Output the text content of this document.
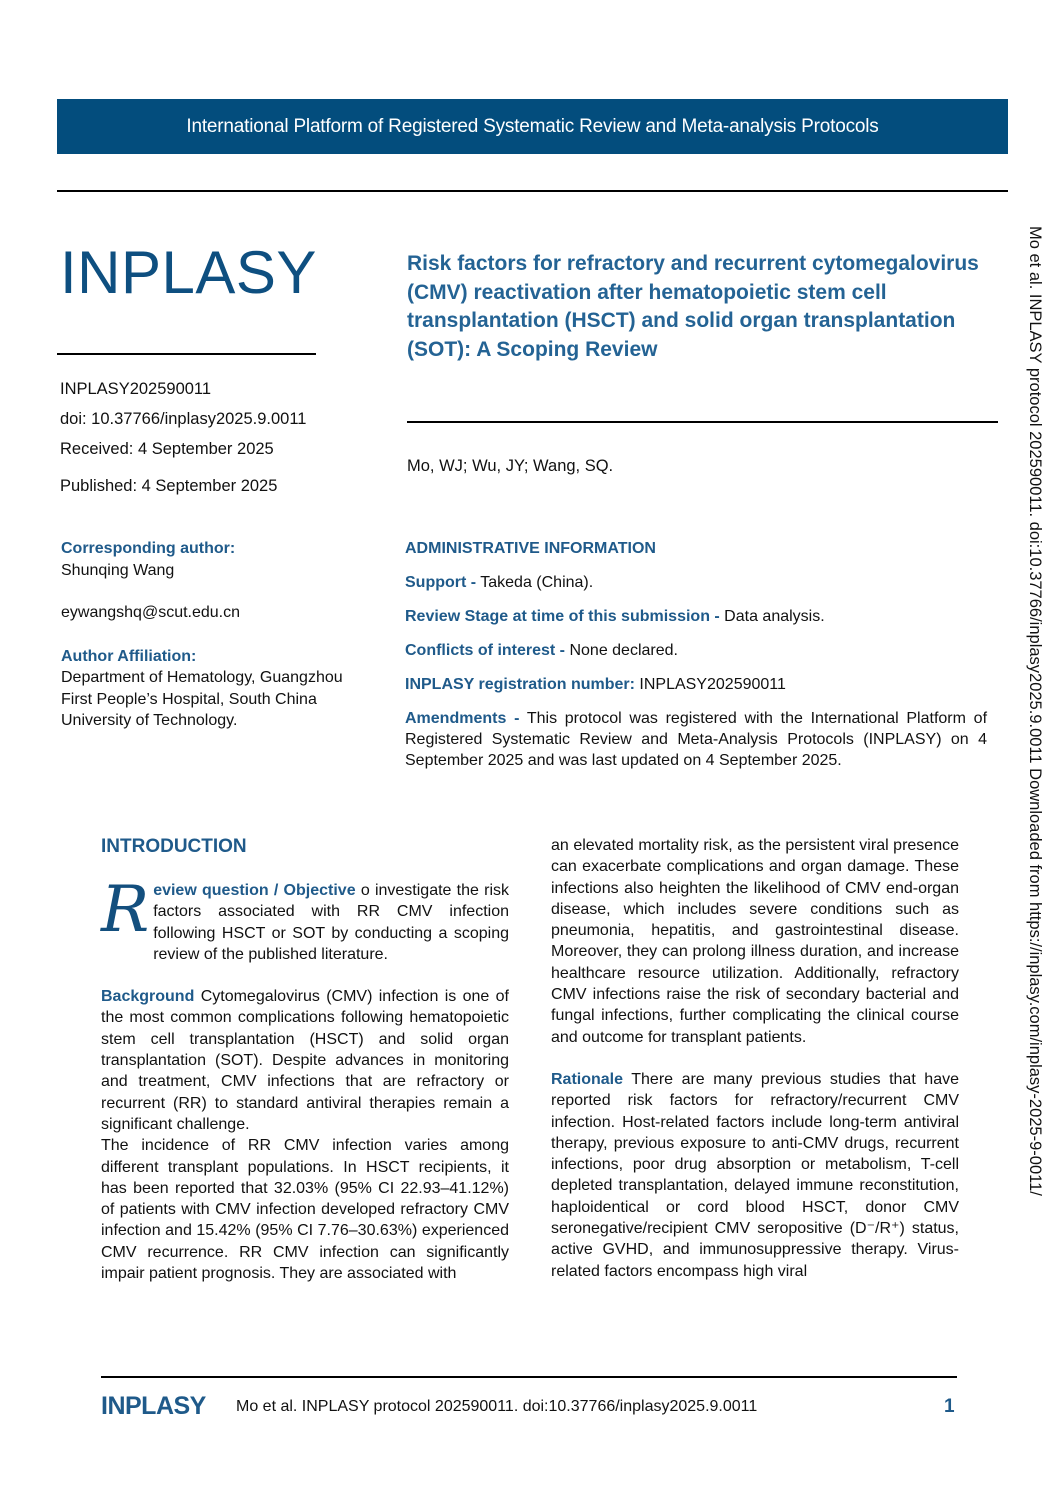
International Platform of Registered Systematic Review and Meta-analysis Protocols
INPLASY
INPLASY202590011
doi: 10.37766/inplasy2025.9.0011
Received: 4 September 2025
Published: 4 September 2025
Risk factors for refractory and recurrent cytomegalovirus (CMV) reactivation after hematopoietic stem cell transplantation (HSCT) and solid organ transplantation (SOT): A Scoping Review
Mo, WJ; Wu, JY; Wang, SQ.
Corresponding author:
Shunqing Wang
eywangshq@scut.edu.cn
Author Affiliation:
Department of Hematology, Guangzhou First People’s Hospital, South China University of Technology.

ADMINISTRATIVE INFORMATION

Support - Takeda (China).

Review Stage at time of this submission - Data analysis.

Conflicts of interest - None declared.

INPLASY registration number: INPLASY202590011

Amendments - This protocol was registered with the International Platform of Registered Systematic Review and Meta-Analysis Protocols (INPLASY) on 4 September 2025 and was last updated on 4 September 2025.

INTRODUCTION

Review question / Objective o investigate the risk factors associated with RR CMV infection following HSCT or SOT by conducting a scoping review of the published literature.

Background Cytomegalovirus (CMV) infection is one of the most common complications following hematopoietic stem cell transplantation (HSCT) and solid organ transplantation (SOT). Despite advances in monitoring and treatment, CMV infections that are refractory or recurrent (RR) to standard antiviral therapies remain a significant challenge.

The incidence of RR CMV infection varies among different transplant populations. In HSCT recipients, it has been reported that 32.03% (95% CI 22.93–41.12%) of patients with CMV infection developed refractory CMV infection and 15.42% (95% CI 7.76–30.63%) experienced CMV recurrence. RR CMV infection can significantly impair patient prognosis. They are associated with

an elevated mortality risk, as the persistent viral presence can exacerbate complications and organ damage. These infections also heighten the likelihood of CMV end-organ disease, which includes severe conditions such as pneumonia, hepatitis, and gastrointestinal disease. Moreover, they can prolong illness duration, and increase healthcare resource utilization. Additionally, refractory CMV infections raise the risk of secondary bacterial and fungal infections, further complicating the clinical course and outcome for transplant patients.

Rationale There are many previous studies that have reported risk factors for refractory/recurrent CMV infection. Host-related factors include long-term antiviral therapy, previous exposure to anti-CMV drugs, recurrent infections, poor drug absorption or metabolism, T-cell depleted transplantation, delayed immune reconstitution, haploidentical or cord blood HSCT, donor CMV seronegative/recipient CMV seropositive (D⁻/R⁺) status, active GVHD, and immunosuppressive therapy. Virus-related factors encompass high viral

Mo et al. INPLASY protocol 202590011. doi:10.37766/inplasy2025.9.0011 Downloaded from https://inplasy.com/inplasy-2025-9-0011/
INPLASY Mo et al. INPLASY protocol 202590011. doi:10.37766/inplasy2025.9.0011	1
